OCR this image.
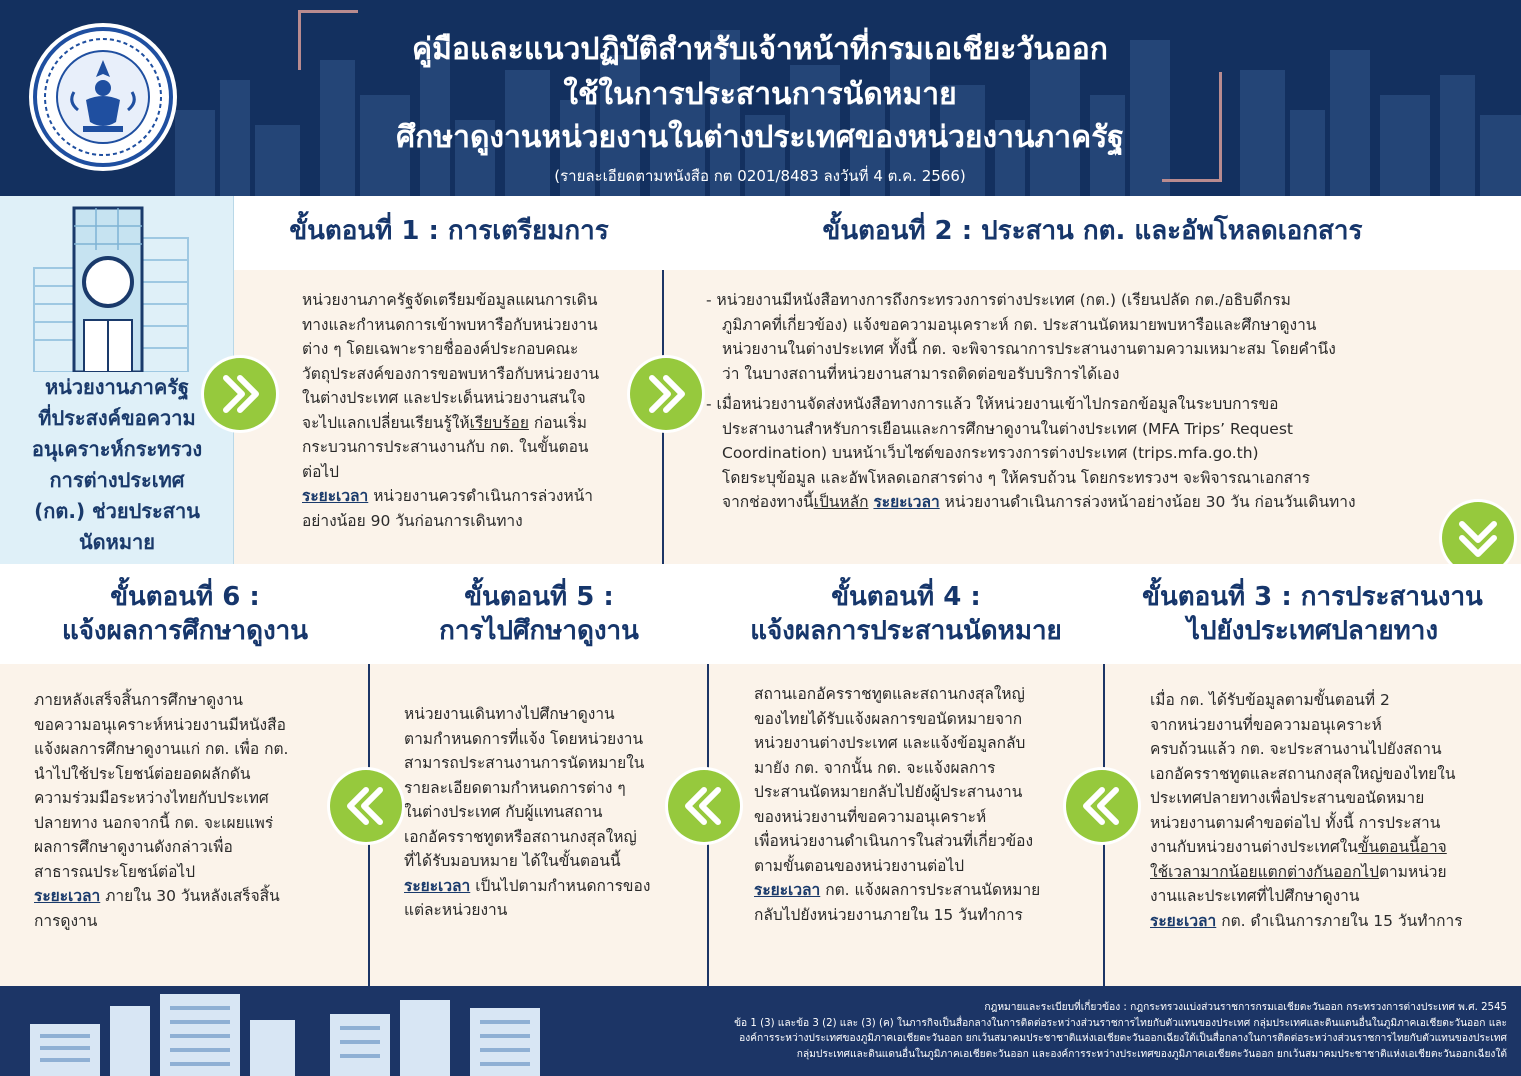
คู่มือและแนวปฏิบัติสำหรับเจ้าหน้าที่กรมเอเชียะวันออก
ใช้ในการประสานการนัดหมาย
ศึกษาดูงานหน่วยงานในต่างประเทศของหน่วยงานภาครัฐ
(รายละเอียดตามหนังสือ กต 0201/8483 ลงวันที่ 4 ต.ค. 2566)
หน่วยงานภาครัฐ
ที่ประสงค์ขอความ
อนุเคราะห์กระทรวง
การต่างประเทศ
(กต.) ช่วยประสาน
นัดหมาย
ขั้นตอนที่ 1 : การเตรียมการ	ขั้นตอนที่ 2 : ประสาน กต. และอัพโหลดเอกสาร
หน่วยงานภาครัฐจัดเตรียมข้อมูลแผนการเดิน
ทางและกำหนดการเข้าพบหารือกับหน่วยงาน
ต่าง ๆ โดยเฉพาะรายชื่อองค์ประกอบคณะ
วัตถุประสงค์ของการขอพบหารือกับหน่วยงาน
ในต่างประเทศ และประเด็นหน่วยงานสนใจ
จะไปแลกเปลี่ยนเรียนรู้ให้เรียบร้อย ก่อนเริ่ม
กระบวนการประสานงานกับ กต. ในขั้นตอน
ต่อไป
ระยะเวลา หน่วยงานควรดำเนินการล่วงหน้า
อย่างน้อย 90 วันก่อนการเดินทาง
- หน่วยงานมีหนังสือทางการถึงกระทรวงการต่างประเทศ (กต.) (เรียนปลัด กต./อธิบดีกรม
ภูมิภาคที่เกี่ยวข้อง) แจ้งขอความอนุเคราะห์ กต. ประสานนัดหมายพบหารือและศึกษาดูงาน
หน่วยงานในต่างประเทศ ทั้งนี้ กต. จะพิจารณาการประสานงานตามความเหมาะสม โดยคำนึง
ว่า ในบางสถานที่หน่วยงานสามารถติดต่อขอรับบริการได้เอง
- เมื่อหน่วยงานจัดส่งหนังสือทางการแล้ว ให้หน่วยงานเข้าไปกรอกข้อมูลในระบบการขอ
ประสานงานสำหรับการเยือนและการศึกษาดูงานในต่างประเทศ (MFA Trips’ Request
Coordination) บนหน้าเว็บไซต์ของกระทรวงการต่างประเทศ (trips.mfa.go.th)
โดยระบุข้อมูล และอัพโหลดเอกสารต่าง ๆ ให้ครบถ้วน โดยกระทรวงฯ จะพิจารณาเอกสาร
จากช่องทางนี้เป็นหลัก ระยะเวลา หน่วยงานดำเนินการล่วงหน้าอย่างน้อย 30 วัน ก่อนวันเดินทาง
ขั้นตอนที่ 6 :
แจ้งผลการศึกษาดูงาน
ขั้นตอนที่ 5 :
การไปศึกษาดูงาน
ขั้นตอนที่ 4 :
แจ้งผลการประสานนัดหมาย
ขั้นตอนที่ 3 : การประสานงาน
ไปยังประเทศปลายทาง
ภายหลังเสร็จสิ้นการศึกษาดูงาน
ขอความอนุเคราะห์หน่วยงานมีหนังสือ
แจ้งผลการศึกษาดูงานแก่ กต. เพื่อ กต.
นำไปใช้ประโยชน์ต่อยอดผลักดัน
ความร่วมมือระหว่างไทยกับประเทศ
ปลายทาง นอกจากนี้ กต. จะเผยแพร่
ผลการศึกษาดูงานดังกล่าวเพื่อ
สาธารณประโยชน์ต่อไป
ระยะเวลา ภายใน 30 วันหลังเสร็จสิ้น
การดูงาน
หน่วยงานเดินทางไปศึกษาดูงาน
ตามกำหนดการที่แจ้ง โดยหน่วยงาน
สามารถประสานงานการนัดหมายใน
รายละเอียดตามกำหนดการต่าง ๆ
ในต่างประเทศ กับผู้แทนสถาน
เอกอัครราชทูตหรือสถานกงสุลใหญ่
ที่ได้รับมอบหมาย ได้ในขั้นตอนนี้
ระยะเวลา เป็นไปตามกำหนดการของ
แต่ละหน่วยงาน
สถานเอกอัครราชทูตและสถานกงสุลใหญ่
ของไทยได้รับแจ้งผลการขอนัดหมายจาก
หน่วยงานต่างประเทศ และแจ้งข้อมูลกลับ
มายัง กต. จากนั้น กต. จะแจ้งผลการ
ประสานนัดหมายกลับไปยังผู้ประสานงาน
ของหน่วยงานที่ขอความอนุเคราะห์
เพื่อหน่วยงานดำเนินการในส่วนที่เกี่ยวข้อง
ตามขั้นตอนของหน่วยงานต่อไป
ระยะเวลา กต. แจ้งผลการประสานนัดหมาย
กลับไปยังหน่วยงานภายใน 15 วันทำการ
เมื่อ กต. ได้รับข้อมูลตามขั้นตอนที่ 2
จากหน่วยงานที่ขอความอนุเคราะห์
ครบถ้วนแล้ว กต. จะประสานงานไปยังสถาน
เอกอัครราชทูตและสถานกงสุลใหญ่ของไทยใน
ประเทศปลายทางเพื่อประสานขอนัดหมาย
หน่วยงานตามคำขอต่อไป ทั้งนี้ การประสาน
งานกับหน่วยงานต่างประเทศในขั้นตอนนี้อาจ
ใช้เวลามากน้อยแตกต่างกันออกไปตามหน่วย
งานและประเทศที่ไปศึกษาดูงาน
ระยะเวลา กต. ดำเนินการภายใน 15 วันทำการ
กฎหมายและระเบียบที่เกี่ยวข้อง : กฎกระทรวงแบ่งส่วนราชการกรมเอเชียตะวันออก กระทรวงการต่างประเทศ พ.ศ. 2545
ข้อ 1 (3) และข้อ 3 (2) และ (3) (ค) ในภารกิจเป็นสื่อกลางในการติดต่อระหว่างส่วนราชการไทยกับตัวแทนของประเทศ กลุ่มประเทศและดินแดนอื่นในภูมิภาคเอเชียตะวันออก และ
องค์การระหว่างประเทศของภูมิภาคเอเชียตะวันออก ยกเว้นสมาคมประชาชาติแห่งเอเชียตะวันออกเฉียงใต้เป็นสื่อกลางในการติดต่อระหว่างส่วนราชการไทยกับตัวแทนของประเทศ
กลุ่มประเทศและดินแดนอื่นในภูมิภาคเอเชียตะวันออก และองค์การระหว่างประเทศของภูมิภาคเอเชียตะวันออก ยกเว้นสมาคมประชาชาติแห่งเอเชียตะวันออกเฉียงใต้
